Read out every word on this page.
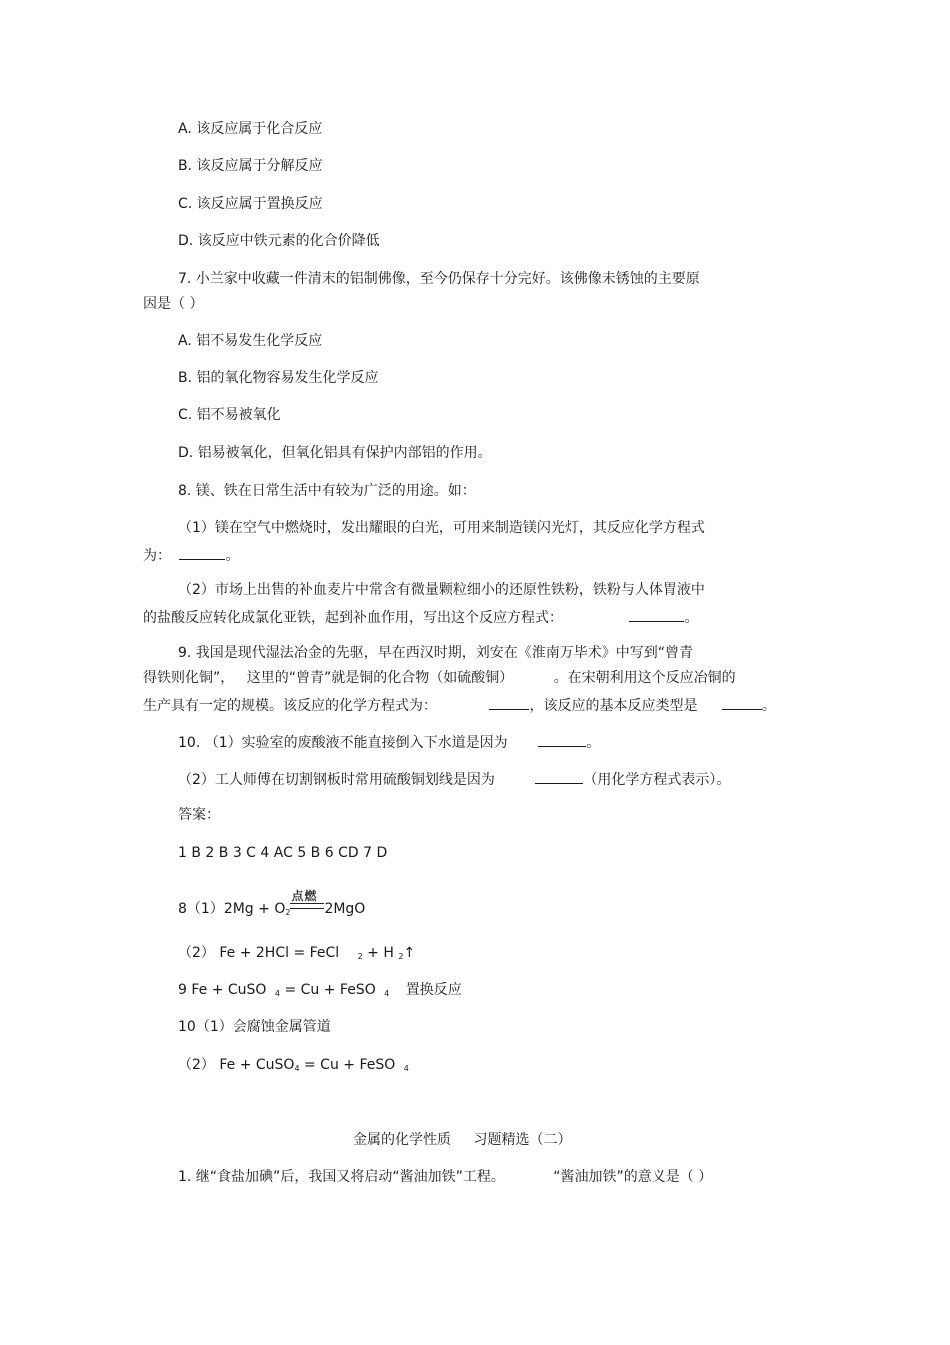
A. 该反应属于化合反应
B. 该反应属于分解反应
C. 该反应属于置换反应
D. 该反应中铁元素的化合价降低
7. 小兰家中收藏一件清末的铝制佛像，至今仍保存十分完好。该佛像未锈蚀的主要原
因是（ ）
A. 铝不易发生化学反应
B. 铝的氧化物容易发生化学反应
C. 铝不易被氧化
D. 铝易被氧化，但氧化铝具有保护内部铝的作用。
8. 镁、铁在日常生活中有较为广泛的用途。如：
（1）镁在空气中燃烧时，发出耀眼的白光，可用来制造镁闪光灯，其反应化学方程式
为：	。
（2）市场上出售的补血麦片中常含有微量颗粒细小的还原性铁粉，铁粉与人体胃液中
的盐酸反应转化成氯化亚铁，起到补血作用，写出这个反应方程式：	。
9. 我国是现代湿法冶金的先驱，早在西汉时期，刘安在《淮南万毕术》中写到“曾青
得铁则化铜”， 这里的“曾青”就是铜的化合物（如硫酸铜）	。在宋朝利用这个反应冶铜的
生产具有一定的规模。该反应的化学方程式为：	，该反应的基本反应类型是	。
10. （1）实验室的废酸液不能直接倒入下水道是因为	。
（2）工人师傅在切割钢板时常用硫酸铜划线是因为	（用化学方程式表示）。
答案：
1 B 2 B 3 C 4 AC 5 B 6 CD 7 D
$8(1)2Mg + O_2$
点燃
2MgO
（2） Fe + 2HCl = FeCl $_2$ + H $_2$↑
9 Fe + CuSO $_4$ = Cu + FeSO $_4$ 置换反应
10（1）会腐蚀金属管道
（2） Fe + CuSO$_4$ = Cu + FeSO $_4$
金属的化学性质 习题精选（二）
1. 继“食盐加碘”后，我国又将启动“酱油加铁”工程。	“酱油加铁”的意义是（ ）
